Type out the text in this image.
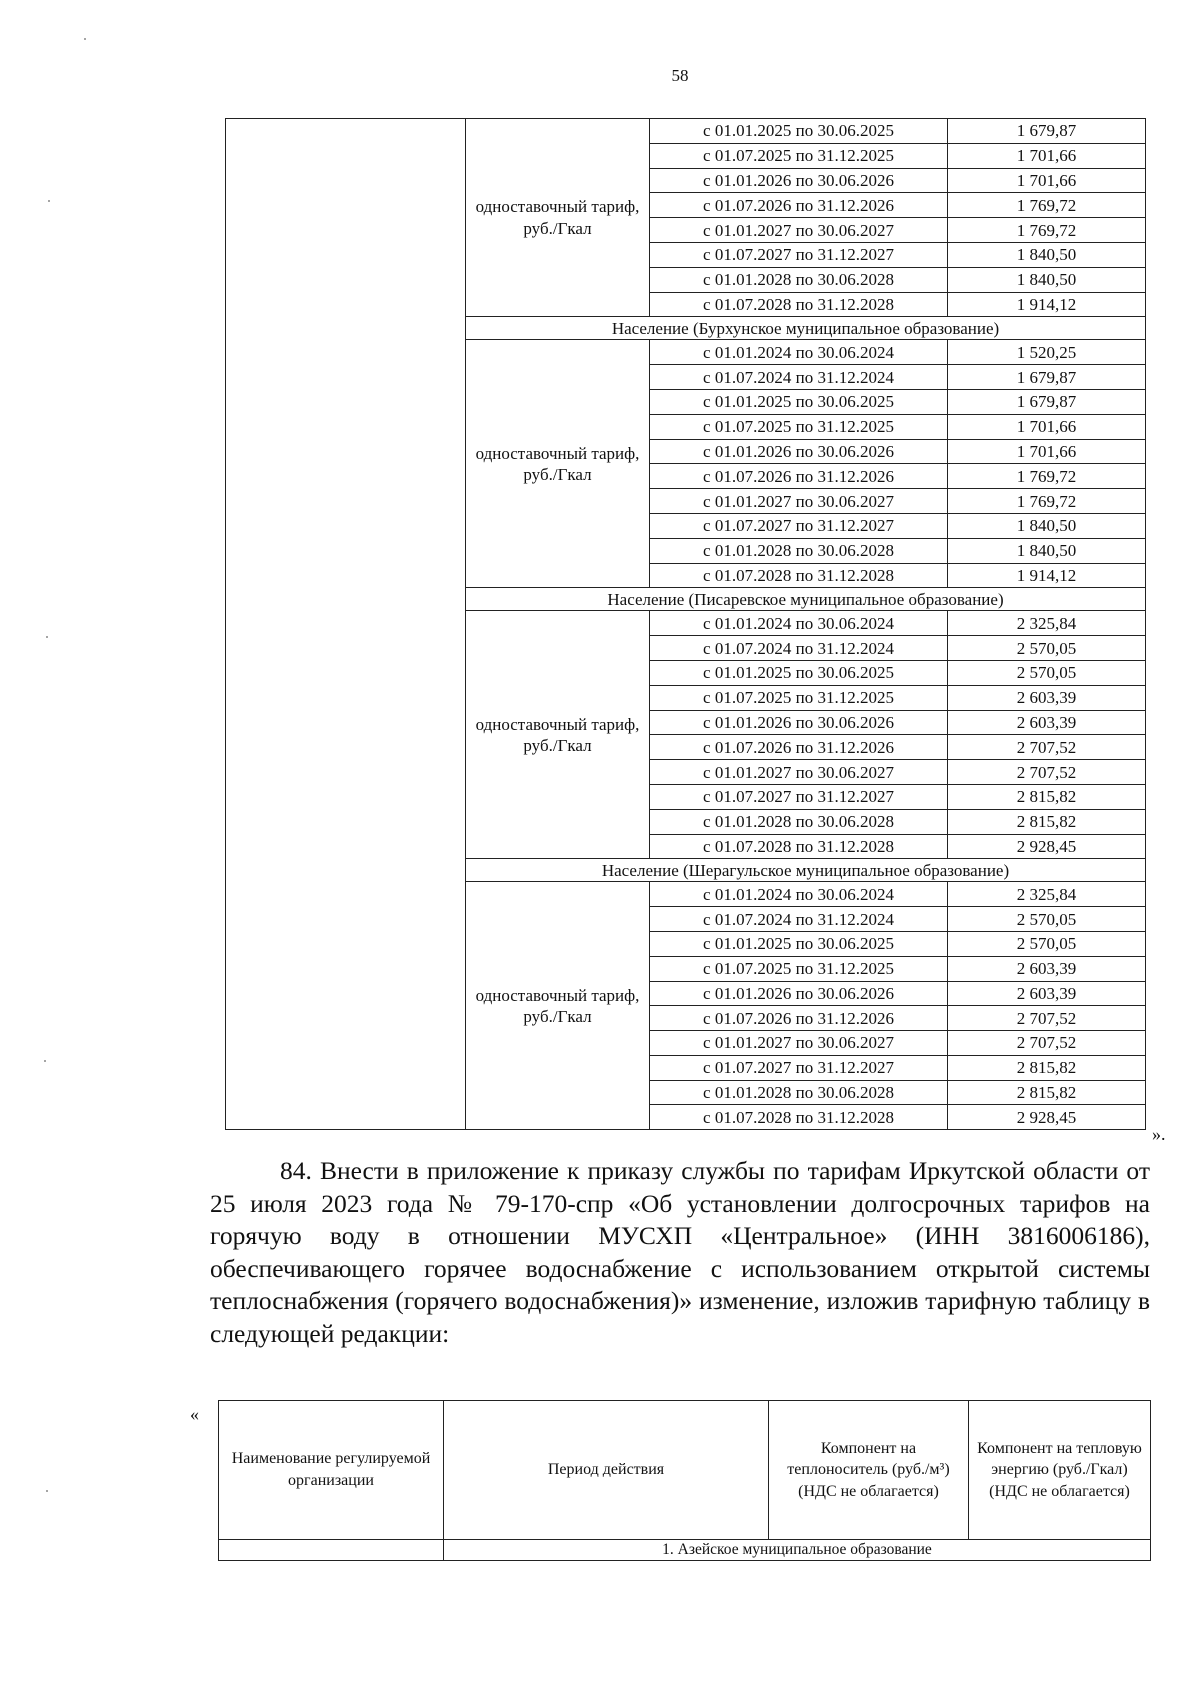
58
	одноставочный тариф, руб./Гкал	с 01.01.2025 по 30.06.2025	1 679,87
		с 01.07.2025 по 31.12.2025	1 701,66
		с 01.01.2026 по 30.06.2026	1 701,66
		с 01.07.2026 по 31.12.2026	1 769,72
		с 01.01.2027 по 30.06.2027	1 769,72
		с 01.07.2027 по 31.12.2027	1 840,50
		с 01.01.2028 по 30.06.2028	1 840,50
		с 01.07.2028 по 31.12.2028	1 914,12
	Население (Бурхунское муниципальное образование)		
	одноставочный тариф, руб./Гкал	с 01.01.2024 по 30.06.2024	1 520,25
		с 01.07.2024 по 31.12.2024	1 679,87
		с 01.01.2025 по 30.06.2025	1 679,87
		с 01.07.2025 по 31.12.2025	1 701,66
		с 01.01.2026 по 30.06.2026	1 701,66
		с 01.07.2026 по 31.12.2026	1 769,72
		с 01.01.2027 по 30.06.2027	1 769,72
		с 01.07.2027 по 31.12.2027	1 840,50
		с 01.01.2028 по 30.06.2028	1 840,50
		с 01.07.2028 по 31.12.2028	1 914,12
	Население (Писаревское муниципальное образование)		
	одноставочный тариф, руб./Гкал	с 01.01.2024 по 30.06.2024	2 325,84
		с 01.07.2024 по 31.12.2024	2 570,05
		с 01.01.2025 по 30.06.2025	2 570,05
		с 01.07.2025 по 31.12.2025	2 603,39
		с 01.01.2026 по 30.06.2026	2 603,39
		с 01.07.2026 по 31.12.2026	2 707,52
		с 01.01.2027 по 30.06.2027	2 707,52
		с 01.07.2027 по 31.12.2027	2 815,82
		с 01.01.2028 по 30.06.2028	2 815,82
		с 01.07.2028 по 31.12.2028	2 928,45
	Население (Шерагульское муниципальное образование)		
	одноставочный тариф, руб./Гкал	с 01.01.2024 по 30.06.2024	2 325,84
		с 01.07.2024 по 31.12.2024	2 570,05
		с 01.01.2025 по 30.06.2025	2 570,05
		с 01.07.2025 по 31.12.2025	2 603,39
		с 01.01.2026 по 30.06.2026	2 603,39
		с 01.07.2026 по 31.12.2026	2 707,52
		с 01.01.2027 по 30.06.2027	2 707,52
		с 01.07.2027 по 31.12.2027	2 815,82
		с 01.01.2028 по 30.06.2028	2 815,82
		с 01.07.2028 по 31.12.2028	2 928,45
».
84. Внести в приложение к приказу службы по тарифам Иркутской области от 25 июля 2023 года № 79-170-спр «Об установлении долгосрочных тарифов на горячую воду в отношении МУСХП «Центральное» (ИНН 3816006186), обеспечивающего горячее водоснабжение с использованием открытой системы теплоснабжения (горячего водоснабжения)» изменение, изложив тарифную таблицу в следующей редакции:
«
Наименование регулируемой организации	Период действия	Компонент на теплоноситель (руб./м³) (НДС не облагается)	Компонент на тепловую энергию (руб./Гкал) (НДС не облагается)
	1. Азейское муниципальное образование		
